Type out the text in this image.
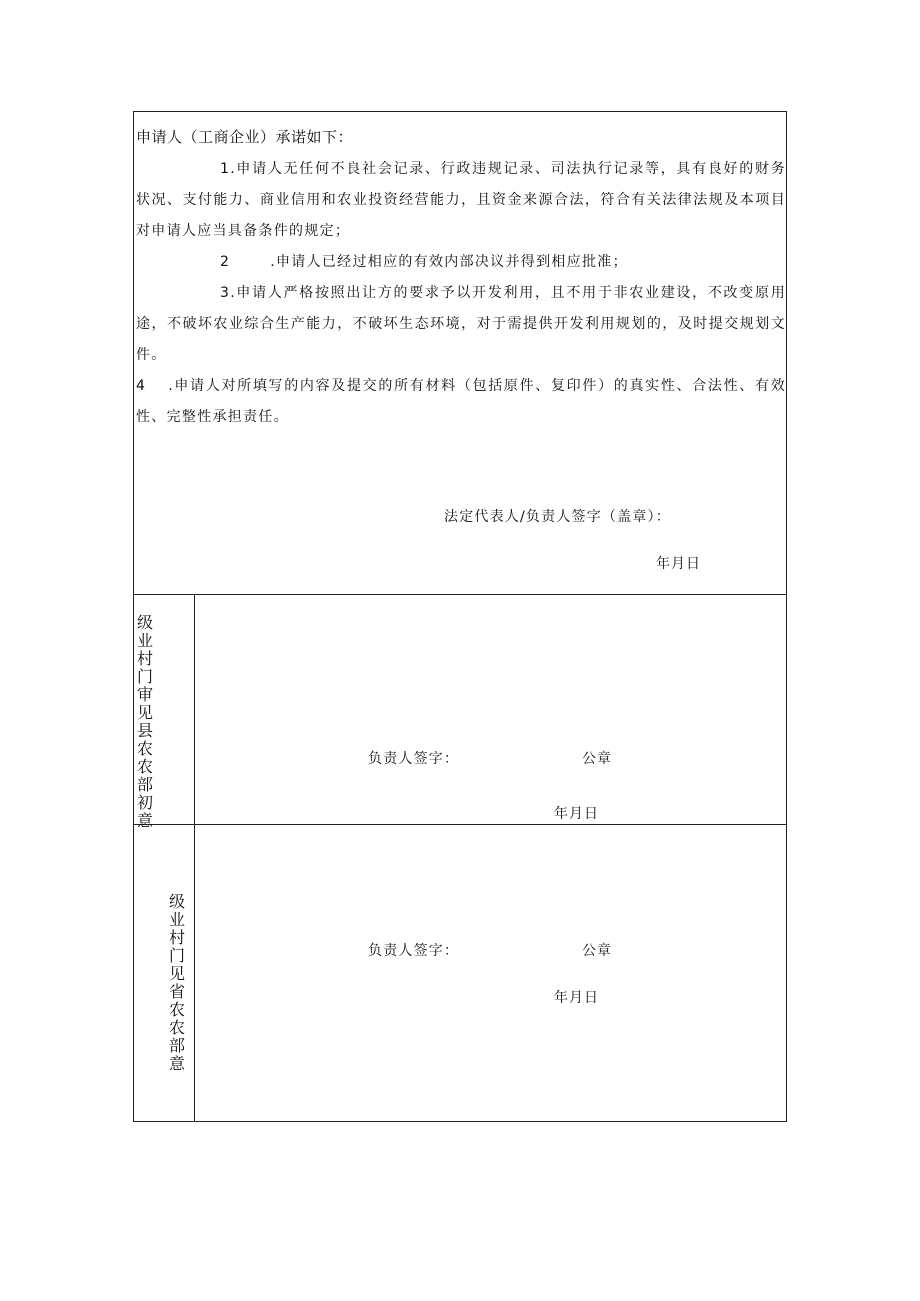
申请人（工商企业）承诺如下：

1.申请人无任何不良社会记录、行政违规记录、司法执行记录等，具有良好的财务状况、支付能力、商业信用和农业投资经营能力，且资金来源合法，符合有关法律法规及本项目对申请人应当具备条件的规定；

2	.申请人已经过相应的有效内部决议并得到相应批准；

3.申请人严格按照出让方的要求予以开发利用，且不用于非农业建设，不改变原用途，不破坏农业综合生产能力，不破坏生态环境，对于需提供开发利用规划的，及时提交规划文件。

4 .申请人对所填写的内容及提交的所有材料（包括原件、复印件）的真实性、合法性、有效性、完整性承担责任。

法定代表人/负责人签字（盖章）：
年月日
级业村门审见县农农部初意
负责人签字：	公章
年月日
级业村门见省农农部意
负责人签字：	公章
年月日
